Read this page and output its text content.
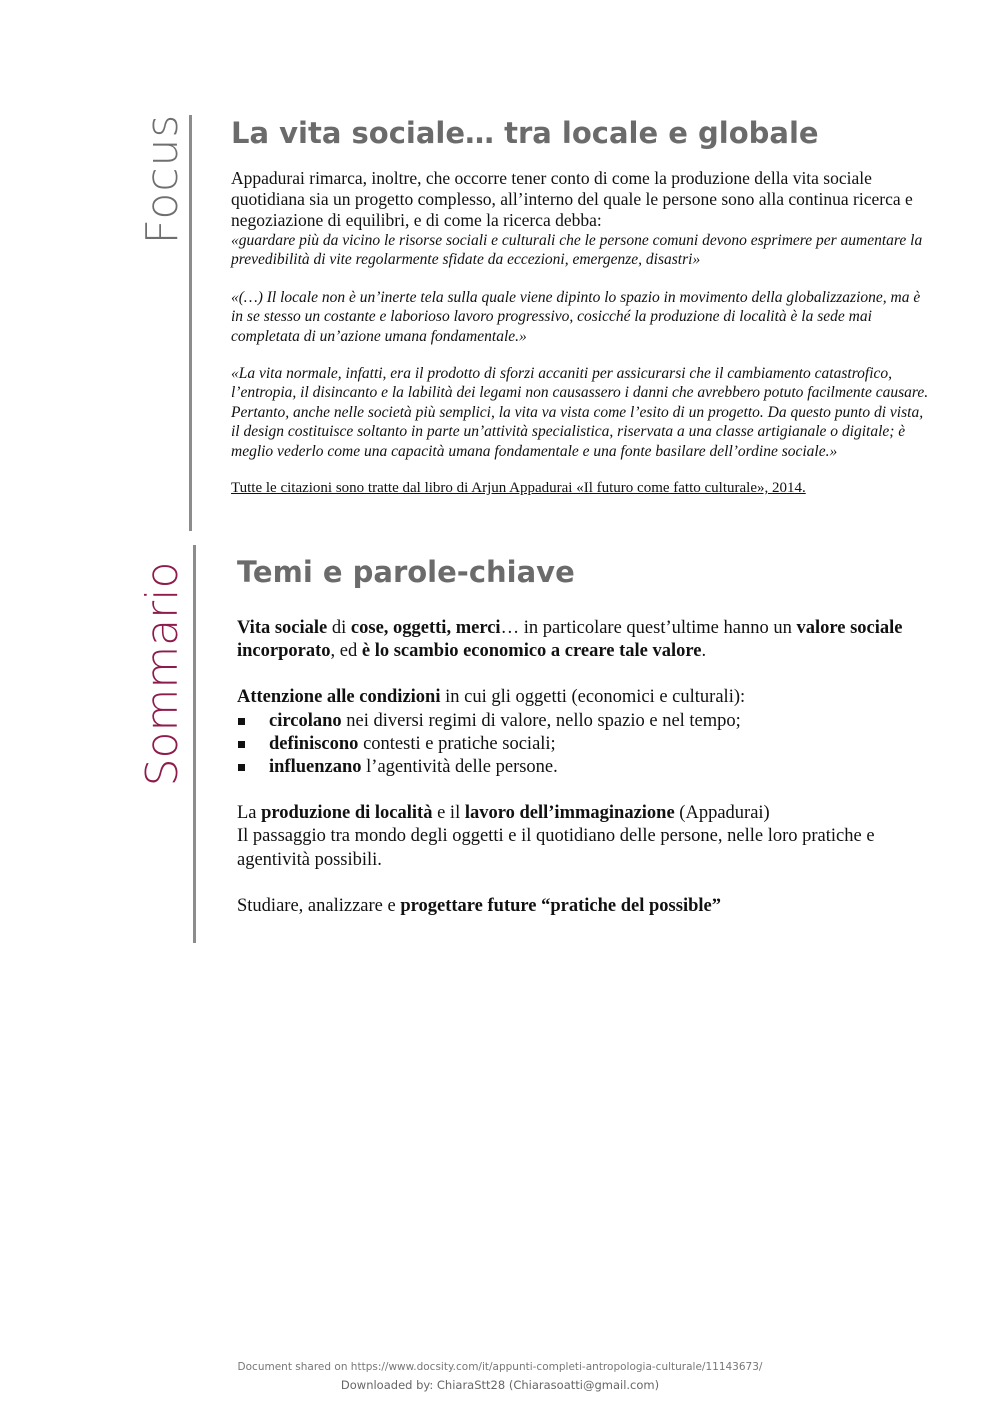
Focus La vita sociale… tra locale e globale

Appadurai rimarca, inoltre, che occorre tener conto di come la produzione della vita sociale quotidiana sia un progetto complesso, all’interno del quale le persone sono alla continua ricerca e negoziazione di equilibri, e di come la ricerca debba:

«guardare più da vicino le risorse sociali e culturali che le persone comuni devono esprimere per aumentare la prevedibilità di vite regolarmente sfidate da eccezioni, emergenze, disastri»

«(…) Il locale non è un’inerte tela sulla quale viene dipinto lo spazio in movimento della globalizzazione, ma è in se stesso un costante e laborioso lavoro progressivo, cosicché la produzione di località è la sede mai completata di un’azione umana fondamentale.»

«La vita normale, infatti, era il prodotto di sforzi accaniti per assicurarsi che il cambiamento catastrofico, l’entropia, il disincanto e la labilità dei legami non causassero i danni che avrebbero potuto facilmente causare. Pertanto, anche nelle società più semplici, la vita va vista come l’esito di un progetto. Da questo punto di vista, il design costituisce soltanto in parte un’attività specialistica, riservata a una classe artigianale o digitale; è meglio vederlo come una capacità umana fondamentale e una fonte basilare dell’ordine sociale.»

Tutte le citazioni sono tratte dal libro di Arjun Appadurai «Il futuro come fatto culturale», 2014.

Sommario Temi e parole-chiave

Vita sociale di cose, oggetti, merci… in particolare quest’ultime hanno un valore sociale incorporato, ed è lo scambio economico a creare tale valore.

Attenzione alle condizioni in cui gli oggetti (economici e culturali):

circolano nei diversi regimi di valore, nello spazio e nel tempo;
definiscono contesti e pratiche sociali;
influenzano l’agentività delle persone.

La produzione di località e il lavoro dell’immaginazione (Appadurai)

Il passaggio tra mondo degli oggetti e il quotidiano delle persone, nelle loro pratiche e agentività possibili.

Studiare, analizzare e progettare future “pratiche del possible”

Document shared on https://www.docsity.com/it/appunti-completi-antropologia-culturale/11143673/
Downloaded by: ChiaraStt28 (Chiarasoatti@gmail.com)
